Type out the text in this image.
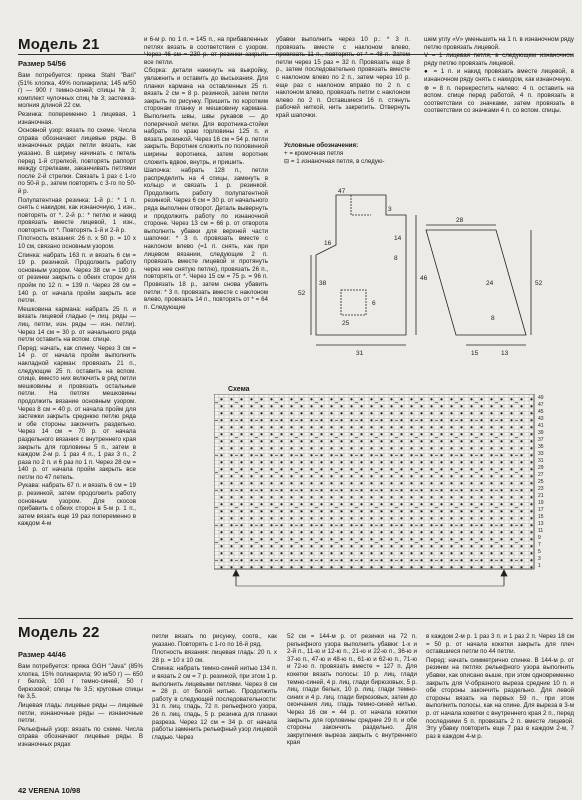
Модель 21
Размер 54/56

Вам потребуется: пряжа Stahl "Bari" (51% хлопка, 49% полиакрила; 145 м/50 г) — 900 г темно-синей; спицы № 3; комплект чулочных спиц № 3; застежка-молния длиной 22 см.

Резинка: попеременно 1 лицевая, 1 изнаночная.

Основной узор: вязать по схеме. Числа справа обозначают лицевые ряды. В изнаночных рядах петли вязать, как указано. В ширину начинать с петель перед 1-й стрелкой, повторять раппорт между стрелками, заканчивать петлями после 2-й стрелки. Связать 1 раз с 1-го по 50-й р., затем повторять с 3-го по 50-й р.

Полупатентная резинка: 1-й р.: * 1 п. снять с накидом, как изнаночную, 1 изн., повторять от *. 2-й р.: * петлю и накид провязать вместе лицевой, 1 изн., повторять от *. Повторять 1-й и 2-й р.

Плотность вязания: 26 п. х 50 р. = 10 х 10 см, связано основным узором.

Спинка: набрать 163 п. и вязать 6 см = 19 р. резинкой. Продолжить работу основным узором. Через 38 см = 190 р. от резинки закрыть с обеих сторон для пройм по 12 п. = 139 п. Через 28 см = 140 р. от начала пройм закрыть все петли.

Мешковина кармана: набрать 25 п. и вязать лицевой гладью (= лиц. ряды — лиц. петли, изн. ряды — изн. петли). Через 14 см = 30 р. от начального ряда петли оставить на вспом. спице.

Перед: начать, как спинку. Через 3 см = 14 р. от начала пройм выполнить накладной карман: провязать 21 п., следующие 25 п. оставить на вспом. спице, вместо них включить в ряд петли мешковины и провязать остальные петли. На петлях мешковины продолжить вязание основным узором. Через 8 см = 40 р. от начала пройм для застежки закрыть среднюю петлю ряда и обе стороны закончить раздельно. Через 14 см = 70 р. от начала раздельного вязания с внутреннего края закрыть для горловины 5 п., затем в каждом 2-м р. 1 раз 4 п., 1 раз 3 п., 2 раза по 2 п. и 6 раз по 1 п. Через 28 см = 140 р. от начала пройм закрыть все петли по 47 петель.

Рукава: набрать 67 п. и вязать 6 см = 19 р. резинкой, затем продолжить работу основным узором. Для скосов прибавить с обеих сторон в 5-м р. 1 п., затем вязать еще 19 раз попеременно в каждом 4-м

и 6-м р. по 1 п. = 145 п., на прибавленных петлях вязать в соответствии с узором. Через 46 см = 230 р. от резинки закрыть все петли.

Сборка: детали накинуть на выкройку, увлажнить и оставить до высыхания. Для планки кармана на оставленных 25 п. вязать 2 см = 8 р. резинкой, затем петли закрыть по рисунку. Пришить по коротким сторонам планку и мешковину кармана. Выполнить швы, швы рукавов — до поперечной метки. Для воротника-стойки набрать по краю горловины 125 п. и вязать резинкой. Через 16 см = 54 р. петли закрыть. Воротник сложить по половинной ширины воротника, затем воротник сложить вдвое, внутрь, и пришить.

Шапочка: набрать 128 п., петли распределить на 4 спицы, замкнуть в кольцо и связать 1 р. резинкой. Продолжить работу полупатентной резинкой. Через 6 см = 30 р. от начального ряда выполнен отворот. Деталь вывернуть и продолжить работу по изнаночной стороне. Через 13 см = 66 р. от отворота выполнить убавки для верхней части шапочки: * 3 п. провязать вместе с наклоном влево (=1 п. снять, как при лицевом вязании, следующие 2 п. провязать вместе лицевой и протянуть через нее снятую петлю), провязать 26 п., повторять от *. Через 15 см = 75 р. = 96 п. Провязать 18 р., затем снова убавить петли: * 3 п. провязать вместе с наклоном влево, провязать 14 п., повторять от * = 64 п. Следующие

убавки выполнить через 10 р.: * 3 п. провязать вместе с наклоном влево, провязать 11 п., повторять от * = 48 п. Затем петли через 15 раз = 32 п. Провязать еще 8 р., затем последовательно провязать вместе с наклоном влево по 2 п., затем через 10 р. еще раз с наклоном вправо по 2 п. с наклоном влево, провязать петли с наклоном влево по 2 п. Оставшиеся 16 п. стянуть рабочей ниткой, нить закрепить. Отвернуть край шапочки.

Условные обозначения:
+ = кромочная петля
⊟ = 1 изнаночная петля, в следую-

шем углу «V» уменьшить на 1 п. в изнаночном ряду петлю провязать лицевой.

V = 1 лицевая петля, в следующем изнаночном ряду петлю провязать лицевой.

● = 1 п. и накид провязать вместе лицевой, в изнаночном ряду снять с накидом, как изнаночную.

⊗ = 8 п. перекрестить налево: 4 п. оставить на вспом. спице перед работой, 4 п. провязать в соответствии со значками, затем провязать в соответствии со значками 4 п. со вспом. спицы.

52
31
46
28
52
15	13
47
3
6
25
16
14
8
38	24
8
Схема
49
47
45
43
41
39
37
35
33
31
29
27
25
23
21
19
17
15
13
11
9
7
5
3
1
Модель 22
Размер 44/46

Вам потребуется: пряжа GGH "Java" (85% хлопка, 15% полиакрила; 90 м/50 г) — 650 г белой, 100 г темно-синей, 50 г бирюзовой; спицы № 3,5; круговые спицы № 3,5.

Лицевая гладь: лицевые ряды — лицевые петли, изнаночные ряды — изнаночные петли.

Рельефный узор: вязать по схеме. Числа справа обозначают лицевые ряды. В изнаночных рядах

петли вязать по рисунку, соотв., как указано. Повторять с 1-го по 16-й ряд.

Плотность вязания: лицевая гладь: 20 п. х 28 р. = 10 х 10 см.

Спинка: набрать темно-синей нитью 134 п. и вязать 2 см = 7 р. резинкой, при этом 1 р. выполнить лицевыми петлями. Через 8 см = 28 р. от белой нитью. Продолжить работу в следующей последовательности: 31 п. лиц. гладь, 72 п. рельефного узора, 26 п. лиц. гладь, 5 р. резинка для планки разреза. Через 12 см = 34 р. от начала работы заменить рельефный узор лицевой гладью. Через

52 см = 144-м р. от резинки на 72 п. рельефного узора выполнить убавки: 1-х и 2-й п., 11-ю и 12-ю п., 21-ю и 22-ю п., 36-ю и 37-ю п., 47-ю и 48-ю п., 61-ю и 62-ю п., 71-ю и 72-ю п. провязать вместе = 127 п. Для кокетки вязать полосы: 10 р. лиц. глади темно-синей, 4 р. лиц. глади бирюзовых, 5 р. лиц. глади белых, 10 р. лиц. глади темно-синих и 4 р. лиц. глади бирюзовых, затем до окончания лиц. гладь темно-синей нитью. Через 16 см = 44 р. от начала кокетки закрыть для горловины средние 29 п. и обе стороны закончить раздельно. Для закругления выреза закрыть с внутреннего края

в каждом 2-м р. 1 раз 3 п. и 1 раз 2 п. Через 18 см = 50 р. от начала кокетки закрыть для плеч оставшиеся петли по 44 петли.

Перед: начать симметрично спинке. В 144-м р. от резинки на петлях рельефного узора выполнить убавки, как описано выше, при этом одновременно закрыть для V-образного выреза средние 10 п. и обе стороны закончить раздельно. Для левой стороны вязать на первых 59 п., при этом выполнить полосы, как на спине. Для выреза в 3-м р. от начала кокетки с внутреннего края 2 п., перед последними 5 п. провязать 2 п. вместе лицевой. Эту убавку повторить еще 7 раз в каждом 2-м, 7 раз в каждом 4-м р.

42 VERENA 10/98
